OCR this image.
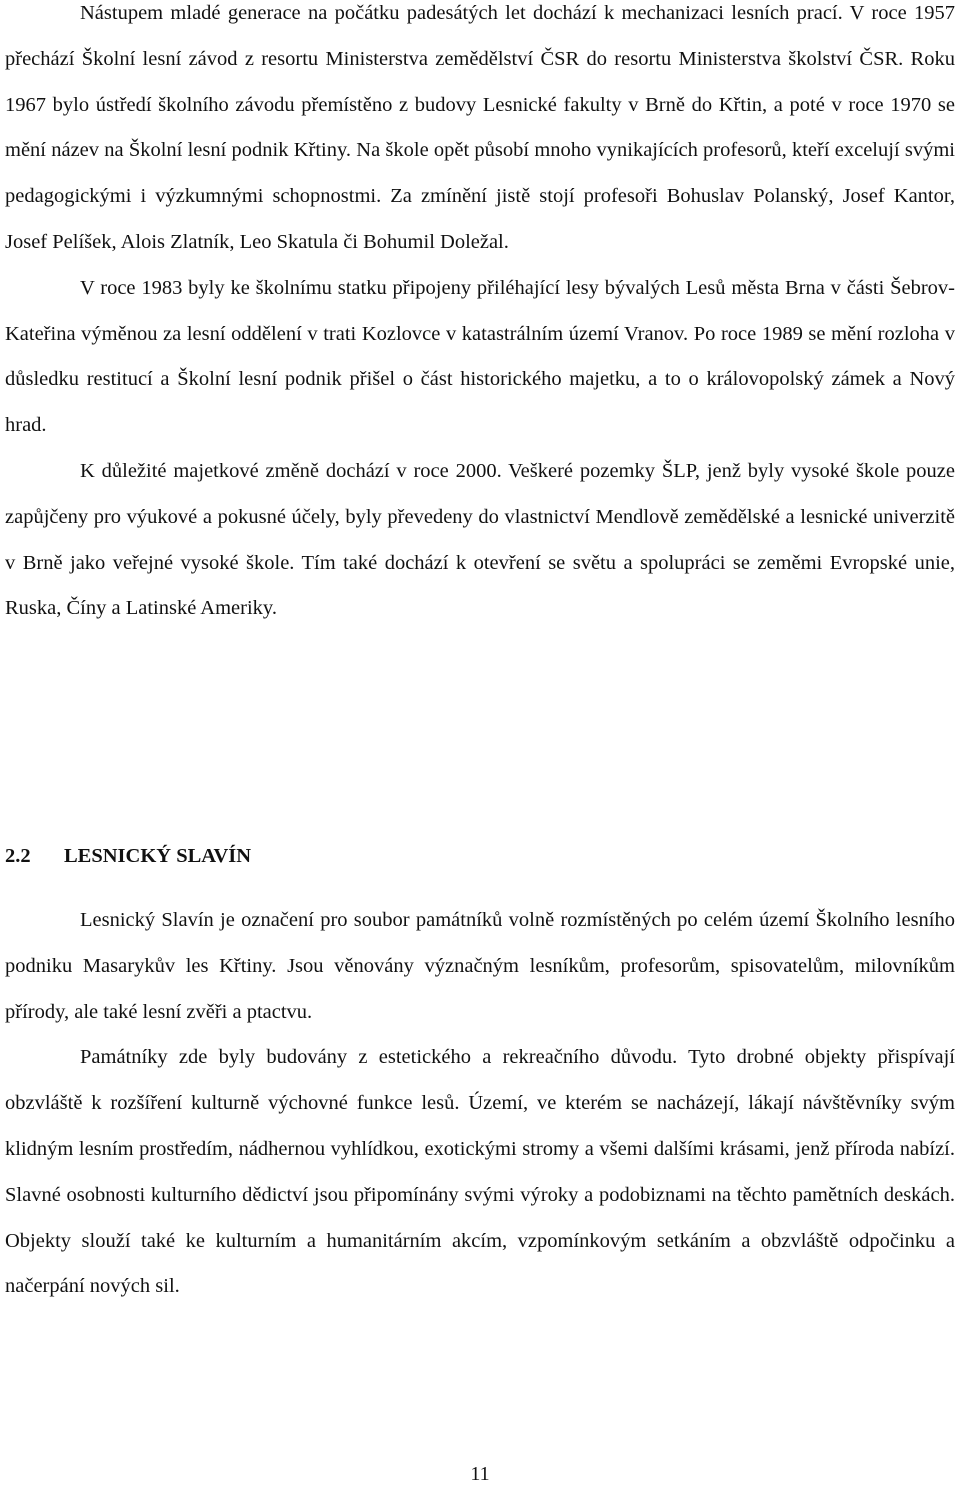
Nástupem mladé generace na počátku padesátých let dochází k mechanizaci lesních prací. V roce 1957 přechází Školní lesní závod z resortu Ministerstva zemědělství ČSR do resortu Ministerstva školství ČSR. Roku 1967 bylo ústředí školního závodu přemístěno z budovy Lesnické fakulty v Brně do Křtin, a poté v roce 1970 se mění název na Školní lesní podnik Křtiny. Na škole opět působí mnoho vynikajících profesorů, kteří excelují svými pedagogickými i výzkumnými schopnostmi. Za zmínění jistě stojí profesoři Bohuslav Polanský, Josef Kantor, Josef Pelíšek, Alois Zlatník, Leo Skatula či Bohumil Doležal.

V roce 1983 byly ke školnímu statku připojeny přiléhající lesy bývalých Lesů města Brna v části Šebrov-Kateřina výměnou za lesní oddělení v trati Kozlovce v katastrálním území Vranov. Po roce 1989 se mění rozloha v důsledku restitucí a Školní lesní podnik přišel o část historického majetku, a to o královopolský zámek a Nový hrad.

K důležité majetkové změně dochází v roce 2000. Veškeré pozemky ŠLP, jenž byly vysoké škole pouze zapůjčeny pro výukové a pokusné účely, byly převedeny do vlastnictví Mendlově zemědělské a lesnické univerzitě v Brně jako veřejné vysoké škole. Tím také dochází k otevření se světu a spolupráci se zeměmi Evropské unie, Ruska, Číny a Latinské Ameriky.

2.2 LESNICKÝ SLAVÍN

Lesnický Slavín je označení pro soubor památníků volně rozmístěných po celém území Školního lesního podniku Masarykův les Křtiny. Jsou věnovány význačným lesníkům, profesorům, spisovatelům, milovníkům přírody, ale také lesní zvěři a ptactvu.

Památníky zde byly budovány z estetického a rekreačního důvodu. Tyto drobné objekty přispívají obzvláště k rozšíření kulturně výchovné funkce lesů. Území, ve kterém se nacházejí, lákají návštěvníky svým klidným lesním prostředím, nádhernou vyhlídkou, exotickými stromy a všemi dalšími krásami, jenž příroda nabízí. Slavné osobnosti kulturního dědictví jsou připomínány svými výroky a podobiznami na těchto pamětních deskách. Objekty slouží také ke kulturním a humanitárním akcím, vzpomínkovým setkáním a obzvláště odpočinku a načerpání nových sil.

11
